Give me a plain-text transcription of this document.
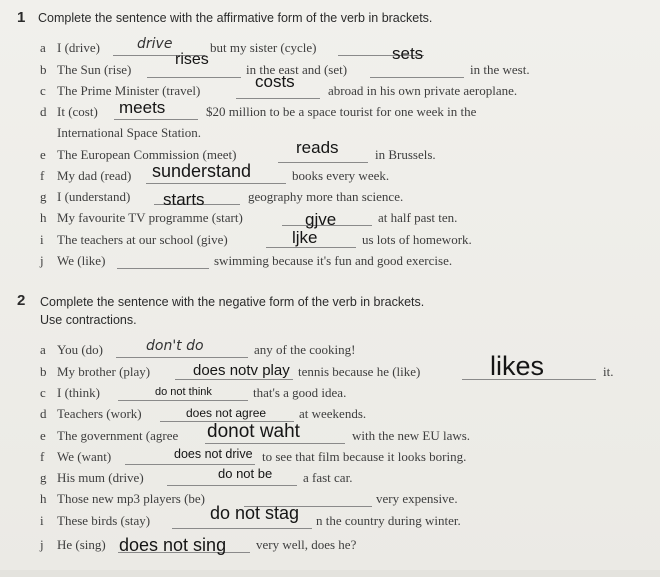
1 Complete the sentence with the affirmative form of the verb in brackets.
a I (drive)	drive	but my sister (cycle)	sets
b The Sun (rise)
rises
in the east and (set)	in the west.
c The Prime Minister (travel)	costs	abroad in his own private aeroplane.
d It (cost) meets	$20 million to be a space tourist for one week in the
International Space Station.
e The European Commission (meet)	reads	in Brussels.
f My dad (read)	books every week.
sunderstand
g I (understand) starts	geography more than science.
h My favourite TV programme (start)	gjve	at half past ten.
i The teachers at our school (give)	ljke	us lots of homework.
j We (like)	swimming because it's fun and good exercise.
2 Complete the sentence with the negative form of the verb in brackets.
Use contractions.
a You (do)	don't do	any of the cooking!
b My brother (play)	does notv play tennis because he (like)	likes	it.
c I (think)	do not think	that's a good idea.
d Teachers (work)	does not agree	at weekends.
e The government (agree donot waht	with the new EU laws.
f We (want)	does not drive to see that film because it looks boring.
g His mum (drive)	do not be a fast car.
h Those new mp3 players (be)	very expensive.
i These birds (stay)	do not stag n the country during winter.
j He (sing) does not sing very well, does he?
